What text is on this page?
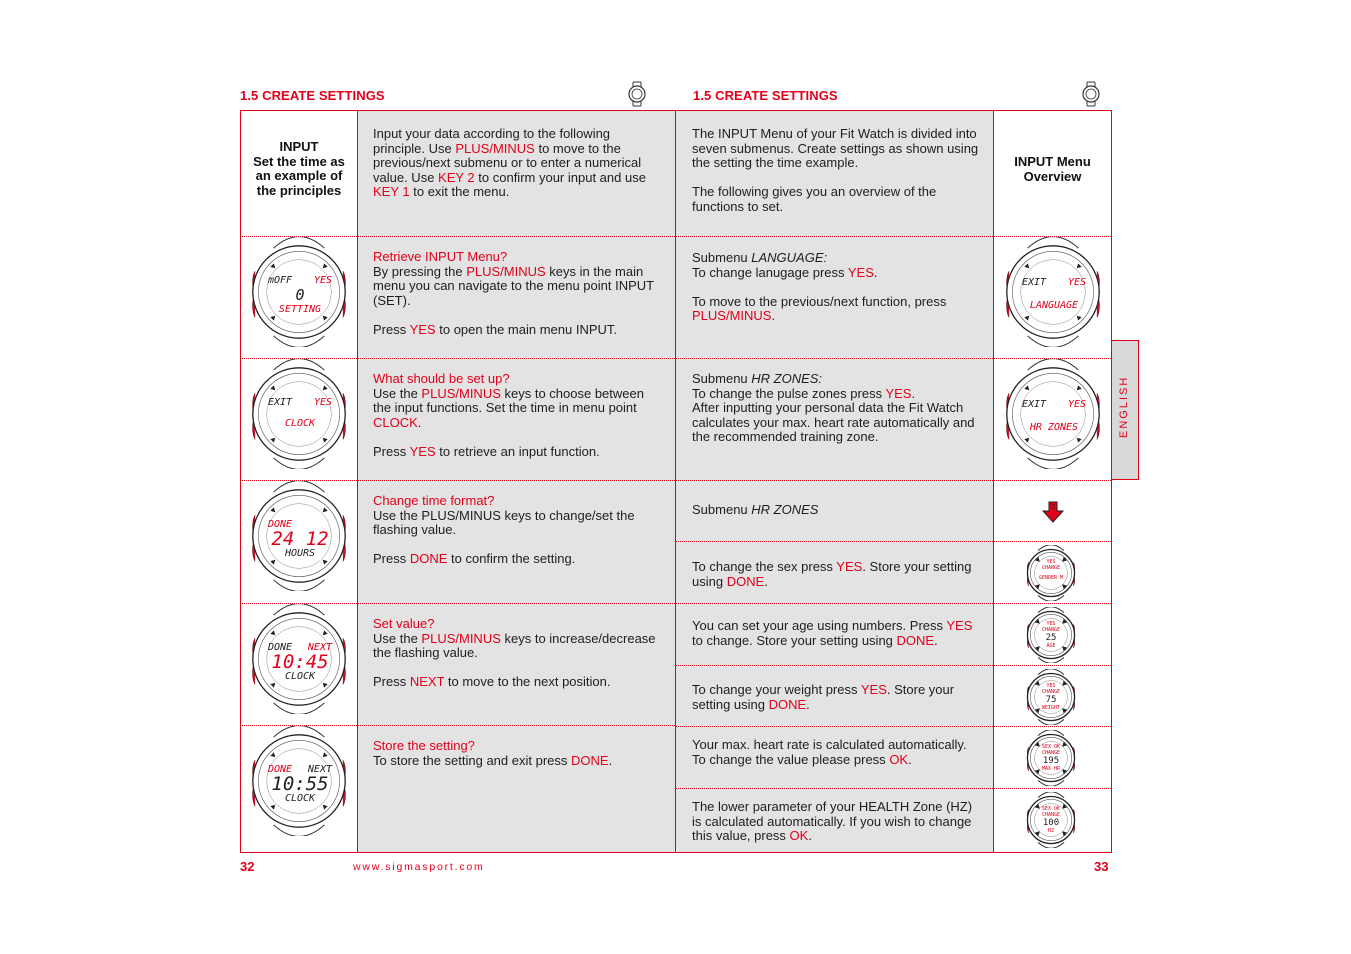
1.5 CREATE SETTINGS
INPUT
Set the time as
an example of
the principles
Input your data according to the following principle. Use PLUS/MINUS to move to the previous/next submenu or to enter a numerical value. Use KEY 2 to confirm your input and use KEY 1 to exit the menu.
mOFF YES
0
SETTING
Retrieve INPUT Menu?
By pressing the PLUS/MINUS keys in the main menu you can navigate to the menu point INPUT (SET).
Press YES to open the main menu INPUT.
EXIT YES
CLOCK
What should be set up?
Use the PLUS/MINUS keys to choose between the input functions. Set the time in menu point CLOCK.
Press YES to retrieve an input function.
DONE
24 12
HOURS
Change time format?
Use the PLUS/MINUS keys to change/set the flashing value.
Press DONE to confirm the setting.
DONE NEXT
10:45
CLOCK
Set value?
Use the PLUS/MINUS keys to increase/decrease the flashing value.
Press NEXT to move to the next position.
DONE NEXT
10:55
CLOCK
Store the setting?
To store the setting and exit press DONE.
32	www.sigmasport.com
1.5 CREATE SETTINGS
ENGLISH
The INPUT Menu of your Fit Watch is divided into seven submenus. Create settings as shown using the setting the time example.
The following gives you an overview of the functions to set.
INPUT Menu
Overview
Submenu LANGUAGE:
To change lanugage press YES.
To move to the previous/next function, press PLUS/MINUS.
EXIT YES
LANGUAGE
Submenu HR ZONES:
To change the pulse zones press YES.
After inputting your personal data the Fit Watch calculates your max. heart rate automatically and the recommended training zone.
EXIT YES
HR ZONES
Submenu HR ZONES
To change the sex press YES. Store your setting using DONE.
YES
CHANGE
GENDER M
You can set your age using numbers. Press YES to change. Store your setting using DONE.
YES
CHANGE
25
AGE
To change your weight press YES. Store your setting using DONE.
YES
CHANGE
75
WEIGHT
Your max. heart rate is calculated automatically. To change the value please press OK.
SEX OK
CHANGE
195
MAX HR
The lower parameter of your HEALTH Zone (HZ) is calculated automatically. If you wish to change this value, press OK.
SEX OK
CHANGE
100
HZ
33
